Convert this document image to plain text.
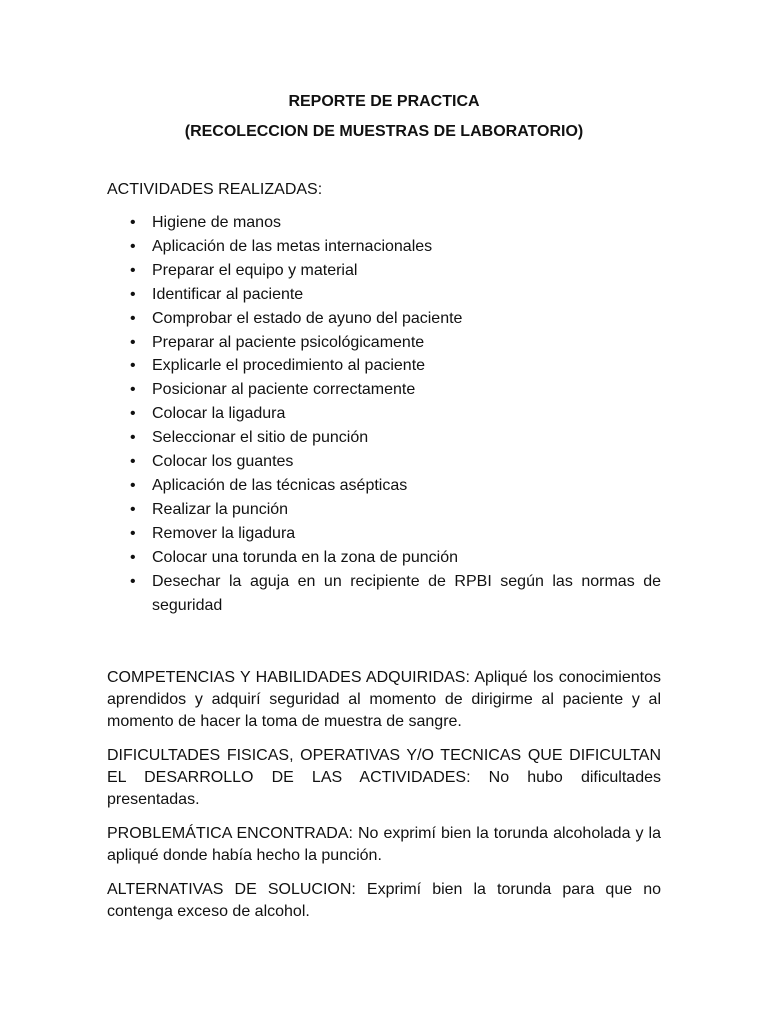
REPORTE DE PRACTICA

(RECOLECCION DE MUESTRAS DE LABORATORIO)

ACTIVIDADES REALIZADAS:

• Higiene de manos
• Aplicación de las metas internacionales
• Preparar el equipo y material
• Identificar al paciente
• Comprobar el estado de ayuno del paciente
• Preparar al paciente psicológicamente
• Explicarle el procedimiento al paciente
• Posicionar al paciente correctamente
• Colocar la ligadura
• Seleccionar el sitio de punción
• Colocar los guantes
• Aplicación de las técnicas asépticas
• Realizar la punción
• Remover la ligadura
• Colocar una torunda en la zona de punción
• Desechar la aguja en un recipiente de RPBI según las normas de seguridad

COMPETENCIAS Y HABILIDADES ADQUIRIDAS: Apliqué los conocimientos aprendidos y adquirí seguridad al momento de dirigirme al paciente y al momento de hacer la toma de muestra de sangre.

DIFICULTADES FISICAS, OPERATIVAS Y/O TECNICAS QUE DIFICULTAN EL DESARROLLO DE LAS ACTIVIDADES: No hubo dificultades presentadas.

PROBLEMÁTICA ENCONTRADA: No exprimí bien la torunda alcoholada y la apliqué donde había hecho la punción.

ALTERNATIVAS DE SOLUCION: Exprimí bien la torunda para que no contenga exceso de alcohol.
